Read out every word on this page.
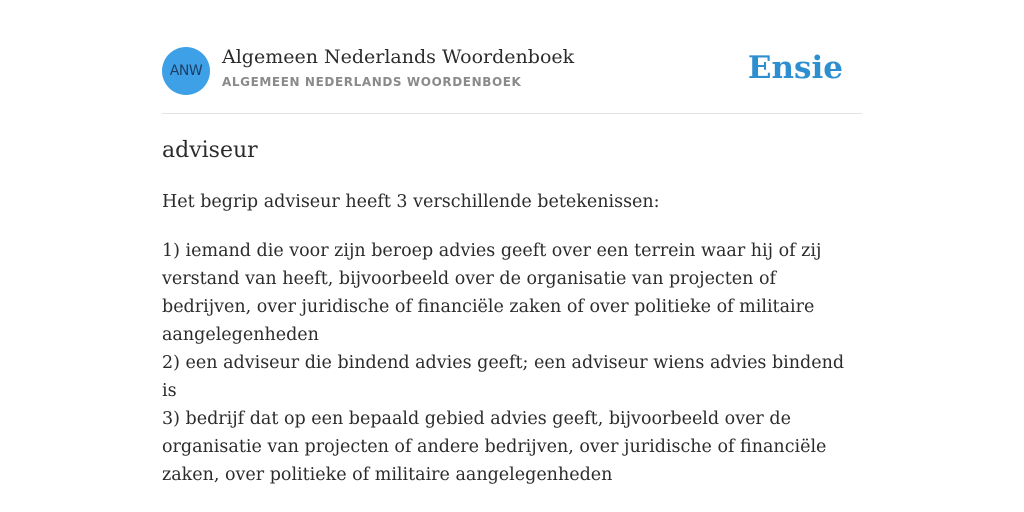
ANW
Algemeen Nederlands Woordenboek
ALGEMEEN NEDERLANDS WOORDENBOEK	Ensie
adviseur
Het begrip adviseur heeft 3 verschillende betekenissen:
1) iemand die voor zijn beroep advies geeft over een terrein waar hij of zij verstand van heeft, bijvoorbeeld over de organisatie van projecten of bedrijven, over juridische of financiële zaken of over politieke of militaire aangelegenheden
2) een adviseur die bindend advies geeft; een adviseur wiens advies bindend is
3) bedrijf dat op een bepaald gebied advies geeft, bijvoorbeeld over de organisatie van projecten of andere bedrijven, over juridische of financiële zaken, over politieke of militaire aangelegenheden
